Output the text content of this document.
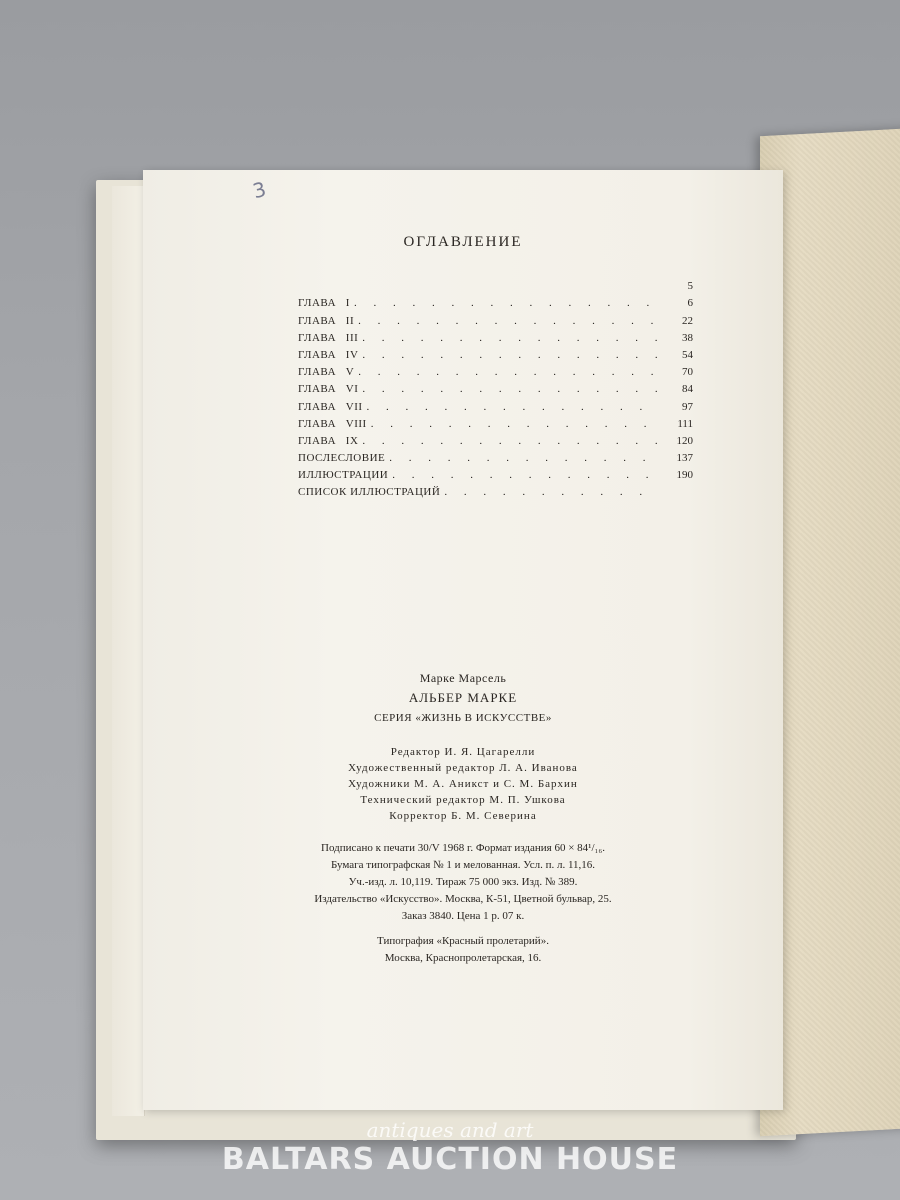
3
ОГЛАВЛЕНИЕ
5
ГЛАВА   I . . .	6
ГЛАВА   II . . .	22
ГЛАВА   III . . .	38
ГЛАВА   IV . . .	54
ГЛАВА   V . . .	70
ГЛАВА   VI . . .	84
ГЛАВА   VII . . .	97
ГЛАВА   VIII . . .	111
ГЛАВА   IX . . .	120
ПОСЛЕСЛОВИЕ . . .	137
ИЛЛЮСТРАЦИИ . . .	190
СПИСОК ИЛЛЮСТРАЦИЙ
. . .
Марке Марсель
АЛЬБЕР МАРКЕ
СЕРИЯ «ЖИЗНЬ В ИСКУССТВЕ»
Редактор И. Я. Цагарелли
Художественный редактор Л. А. Иванова
Художники М. А. Аникст и С. М. Бархин
Технический редактор М. П. Ушкова
Корректор Б. М. Северина
Подписано к печати 30/V 1968 г. Формат издания 60 × 84¹/₁₆.
Бумага типографская № 1 и мелованная. Усл. п. л. 11,16.
Уч.-изд. л. 10,119. Тираж 75 000 экз. Изд. № 389.
Издательство «Искусство». Москва, К-51, Цветной бульвар, 25.
Заказ 3840. Цена 1 р. 07 к.
Типография «Красный пролетарий».
Москва, Краснопролетарская, 16.
antiques and art
BALTARS AUCTION HOUSE
